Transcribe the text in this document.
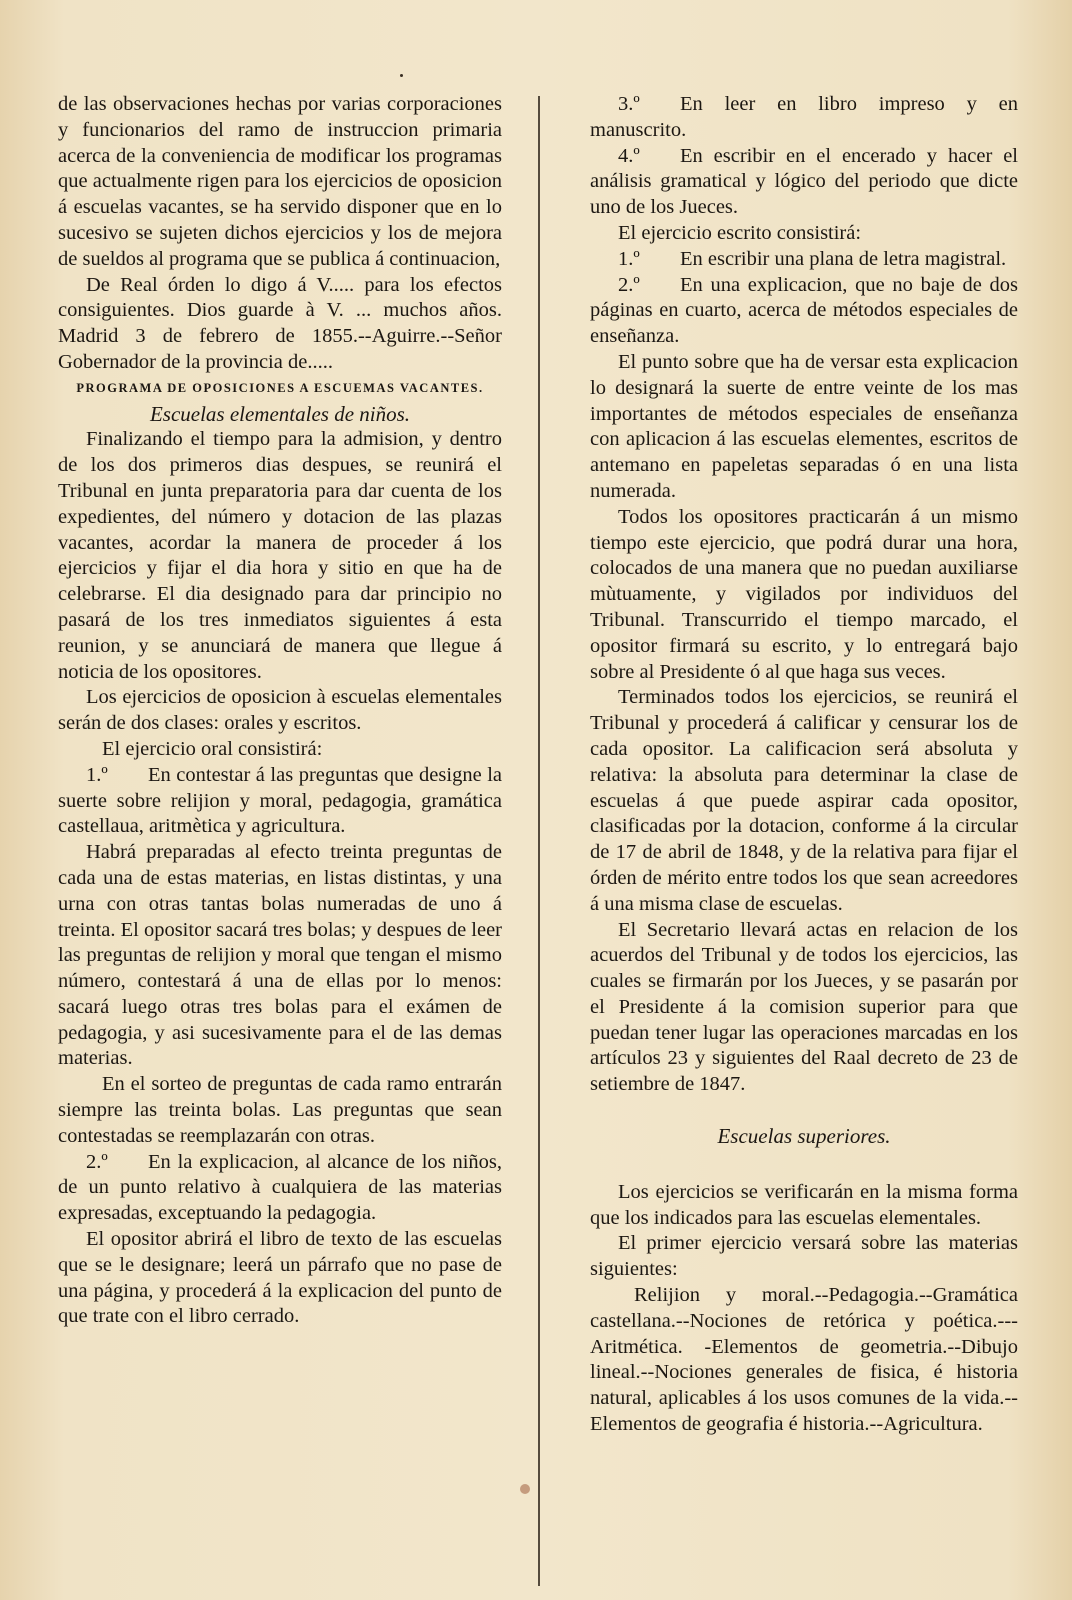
de las observaciones hechas por varias corporaciones y funcionarios del ramo de instruccion primaria acerca de la conveniencia de modificar los programas que actualmente rigen para los ejercicios de oposicion á escuelas vacantes, se ha servido disponer que en lo sucesivo se sujeten dichos ejercicios y los de mejora de sueldos al programa que se publica á continuacion,

De Real órden lo digo á V..... para los efectos consiguientes. Dios guarde à V. ... muchos años. Madrid 3 de febrero de 1855.--Aguirre.--Señor Gobernador de la provincia de.....

PROGRAMA DE OPOSICIONES A ESCUEMAS VACANTES.

Escuelas elementales de niños.

Finalizando el tiempo para la admision, y dentro de los dos primeros dias despues, se reunirá el Tribunal en junta preparatoria para dar cuenta de los expedientes, del número y dotacion de las plazas vacantes, acordar la manera de proceder á los ejercicios y fijar el dia hora y sitio en que ha de celebrarse. El dia designado para dar principio no pasará de los tres inmediatos siguientes á esta reunion, y se anunciará de manera que llegue á noticia de los opositores.

Los ejercicios de oposicion à escuelas elementales serán de dos clases: orales y escritos.

El ejercicio oral consistirá:

1.º En contestar á las preguntas que designe la suerte sobre relijion y moral, pedagogia, gramática castellaua, aritmètica y agricultura.

Habrá preparadas al efecto treinta preguntas de cada una de estas materias, en listas distintas, y una urna con otras tantas bolas numeradas de uno á treinta. El opositor sacará tres bolas; y despues de leer las preguntas de relijion y moral que tengan el mismo número, contestará á una de ellas por lo menos: sacará luego otras tres bolas para el exámen de pedagogia, y asi sucesivamente para el de las demas materias.

En el sorteo de preguntas de cada ramo entrarán siempre las treinta bolas. Las preguntas que sean contestadas se reemplazarán con otras.

2.º En la explicacion, al alcance de los niños, de un punto relativo à cualquiera de las materias expresadas, exceptuando la pedagogia.

El opositor abrirá el libro de texto de las escuelas que se le designare; leerá un párrafo que no pase de una página, y procederá á la explicacion del punto de que trate con el libro cerrado.

3.º En leer en libro impreso y en manuscrito.

4.º En escribir en el encerado y hacer el análisis gramatical y lógico del periodo que dicte uno de los Jueces.

El ejercicio escrito consistirá:

1.º En escribir una plana de letra magistral.

2.º En una explicacion, que no baje de dos páginas en cuarto, acerca de métodos especiales de enseñanza.

El punto sobre que ha de versar esta explicacion lo designará la suerte de entre veinte de los mas importantes de métodos especiales de enseñanza con aplicacion á las escuelas elementes, escritos de antemano en papeletas separadas ó en una lista numerada.

Todos los opositores practicarán á un mismo tiempo este ejercicio, que podrá durar una hora, colocados de una manera que no puedan auxiliarse mùtuamente, y vigilados por individuos del Tribunal. Transcurrido el tiempo marcado, el opositor firmará su escrito, y lo entregará bajo sobre al Presidente ó al que haga sus veces.

Terminados todos los ejercicios, se reunirá el Tribunal y procederá á calificar y censurar los de cada opositor. La calificacion será absoluta y relativa: la absoluta para determinar la clase de escuelas á que puede aspirar cada opositor, clasificadas por la dotacion, conforme á la circular de 17 de abril de 1848, y de la relativa para fijar el órden de mérito entre todos los que sean acreedores á una misma clase de escuelas.

El Secretario llevará actas en relacion de los acuerdos del Tribunal y de todos los ejercicios, las cuales se firmarán por los Jueces, y se pasarán por el Presidente á la comision superior para que puedan tener lugar las operaciones marcadas en los artículos 23 y siguientes del Raal decreto de 23 de setiembre de 1847.

Escuelas superiores.

Los ejercicios se verificarán en la misma forma que los indicados para las escuelas elementales.

El primer ejercicio versará sobre las materias siguientes:

Relijion y moral.--Pedagogia.--Gramática castellana.--Nociones de retórica y poética.---Aritmética. -Elementos de geometria.--Dibujo lineal.--Nociones generales de fisica, é historia natural, aplicables á los usos comunes de la vida.--Elementos de geografia é historia.--Agricultura.
